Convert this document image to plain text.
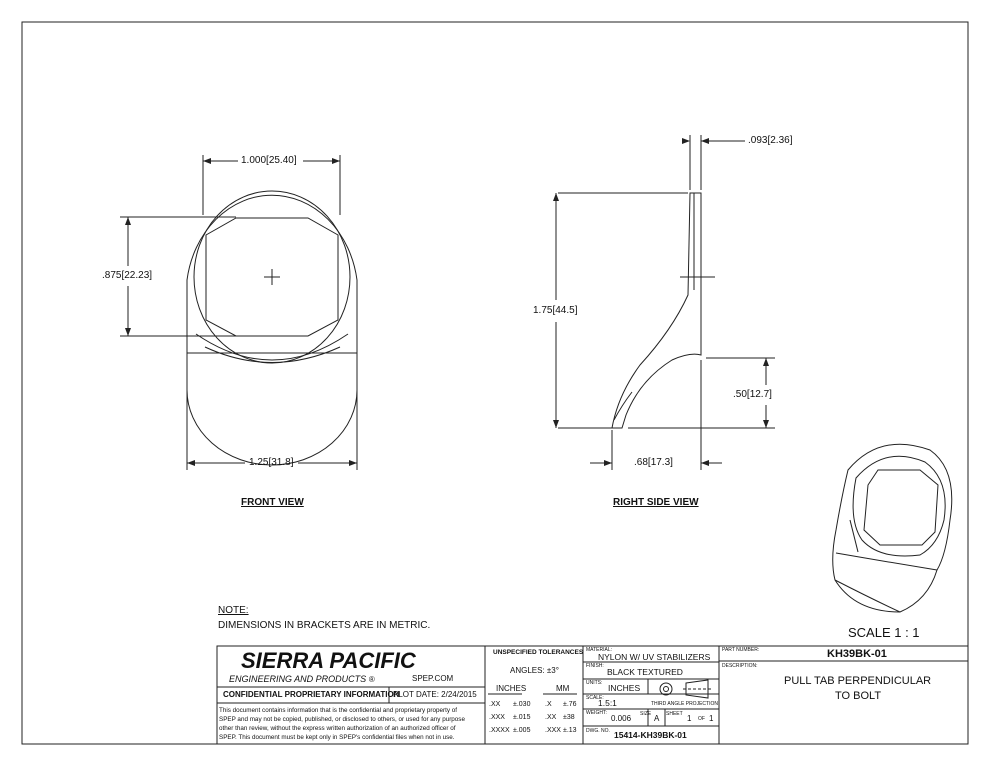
1.000[25.40]
.875[22.23]
1.25[31.8]
FRONT VIEW
.093[2.36]
1.75[44.5]
.50[12.7]
.68[17.3]
RIGHT SIDE VIEW
SCALE 1 : 1
NOTE:
DIMENSIONS IN BRACKETS ARE IN METRIC.
SIERRA PACIFIC
ENGINEERING AND PRODUCTS ®	SPEP.COM
CONFIDENTIAL PROPRIETARY INFORMATION
PLOT DATE: 2/24/2015
This document contains information that is the confidential and proprietary property of
SPEP and may not be copied, published, or disclosed to others, or used for any purpose
other than review, without the express written authorization of an authorized officer of
SPEP. This document must be kept only in SPEP's confidential files when not in use.
UNSPECIFIED TOLERANCES
ANGLES: ±3°
INCHES	MM
.XX	±.030	.X	±.76
.XXX	±.015	.XX ±38
.XXXX ±.005	.XXX ±.13
MATERIAL:
NYLON W/ UV STABILIZERS
FINISH:
BLACK TEXTURED
UNITS: INCHES
SCALE:
1.5:1	THIRD ANGLE PROJECTION
WEIGHT:
0.006 SIZE A SHEET 1 OF 1
DWG. NO. 15414-KH39BK-01
PART NUMBER:	KH39BK-01
DESCRIPTION:
PULL TAB PERPENDICULAR
TO BOLT
